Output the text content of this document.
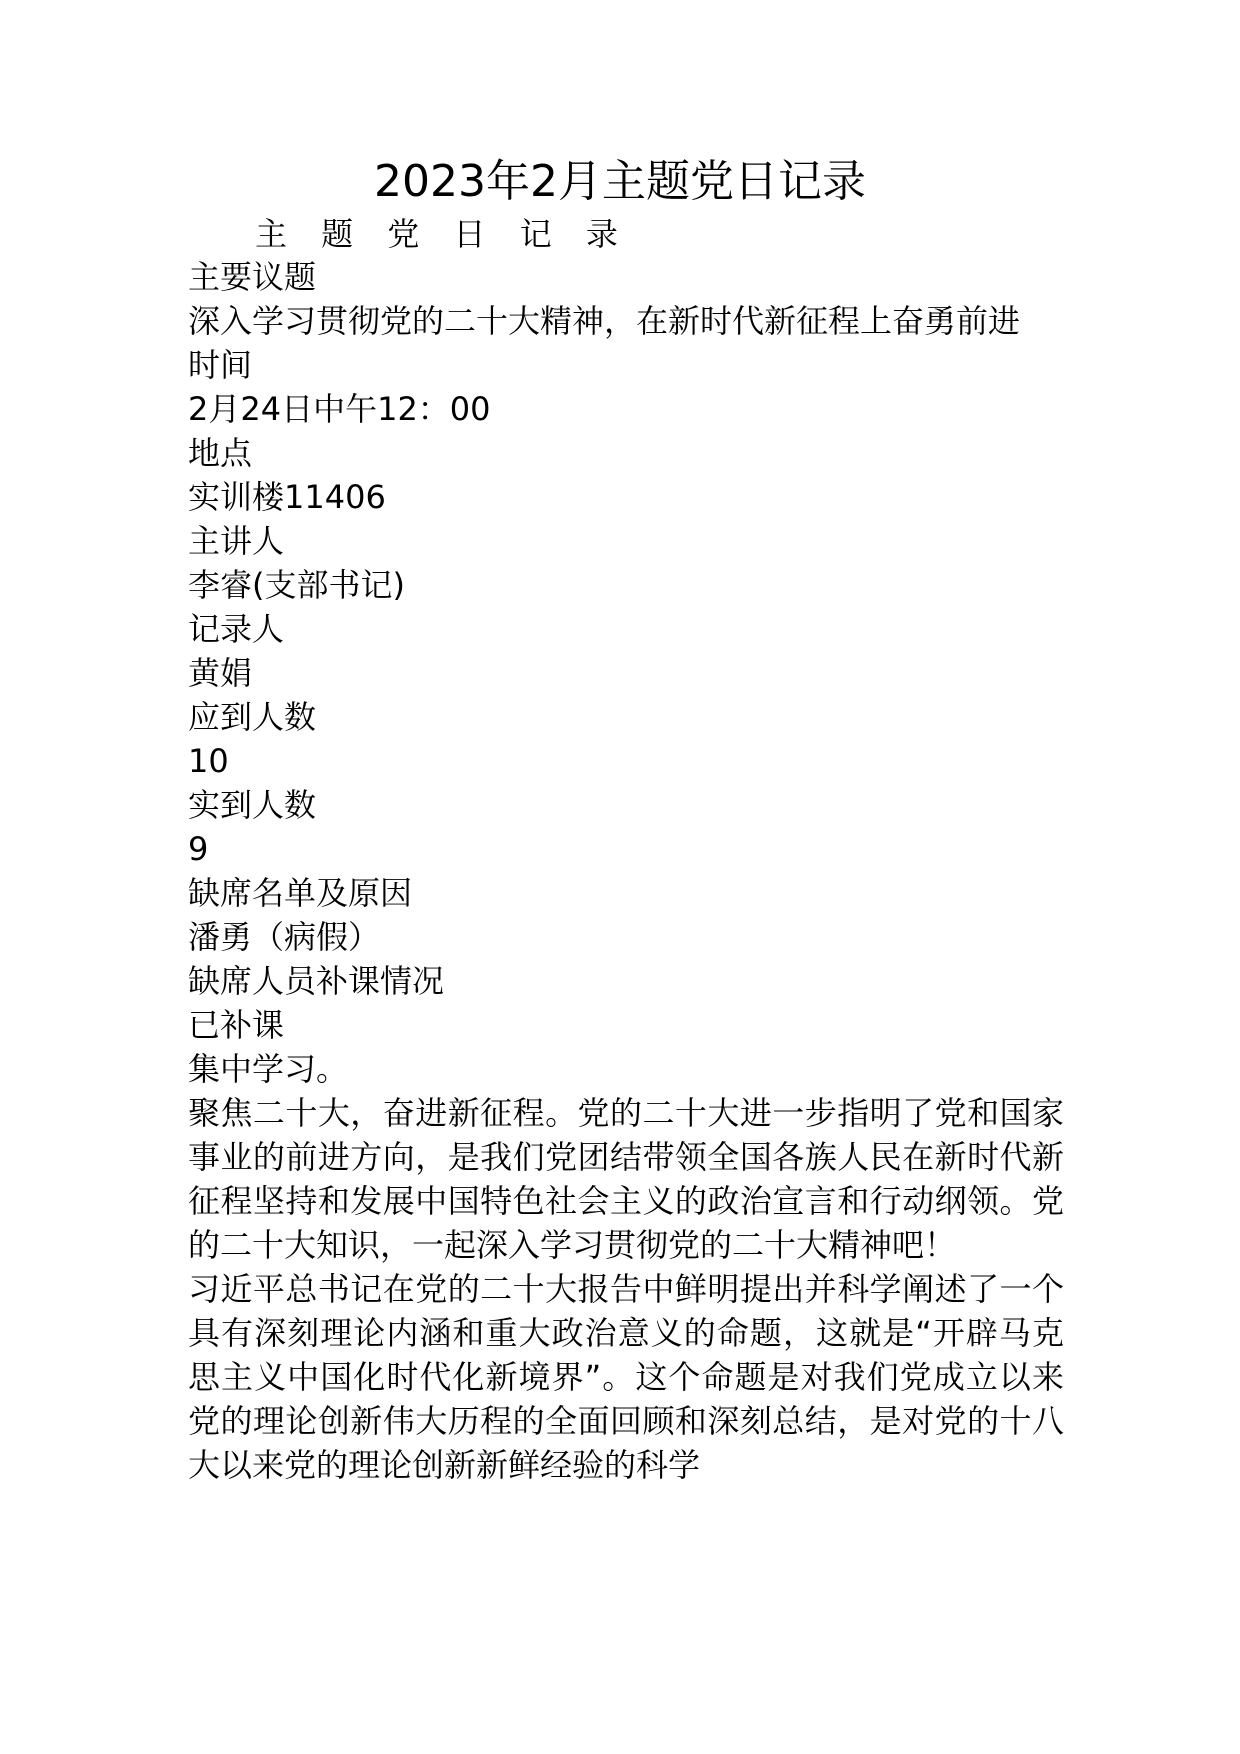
2023年2月主题党日记录
主 题 党 日 记 录
主要议题
深入学习贯彻党的二十大精神，在新时代新征程上奋勇前进
时间
2月24日中午12：00
地点
实训楼11406
主讲人
李睿(支部书记)
记录人
黄娟
应到人数
10
实到人数
9
缺席名单及原因
潘勇（病假）
缺席人员补课情况
已补课
集中学习。
聚焦二十大，奋进新征程。党的二十大进一步指明了党和国家事业的前进方向，是我们党团结带领全国各族人民在新时代新征程坚持和发展中国特色社会主义的政治宣言和行动纲领。党的二十大知识，一起深入学习贯彻党的二十大精神吧！
习近平总书记在党的二十大报告中鲜明提出并科学阐述了一个具有深刻理论内涵和重大政治意义的命题，这就是“开辟马克思主义中国化时代化新境界”。这个命题是对我们党成立以来党的理论创新伟大历程的全面回顾和深刻总结，是对党的十八大以来党的理论创新新鲜经验的科学
